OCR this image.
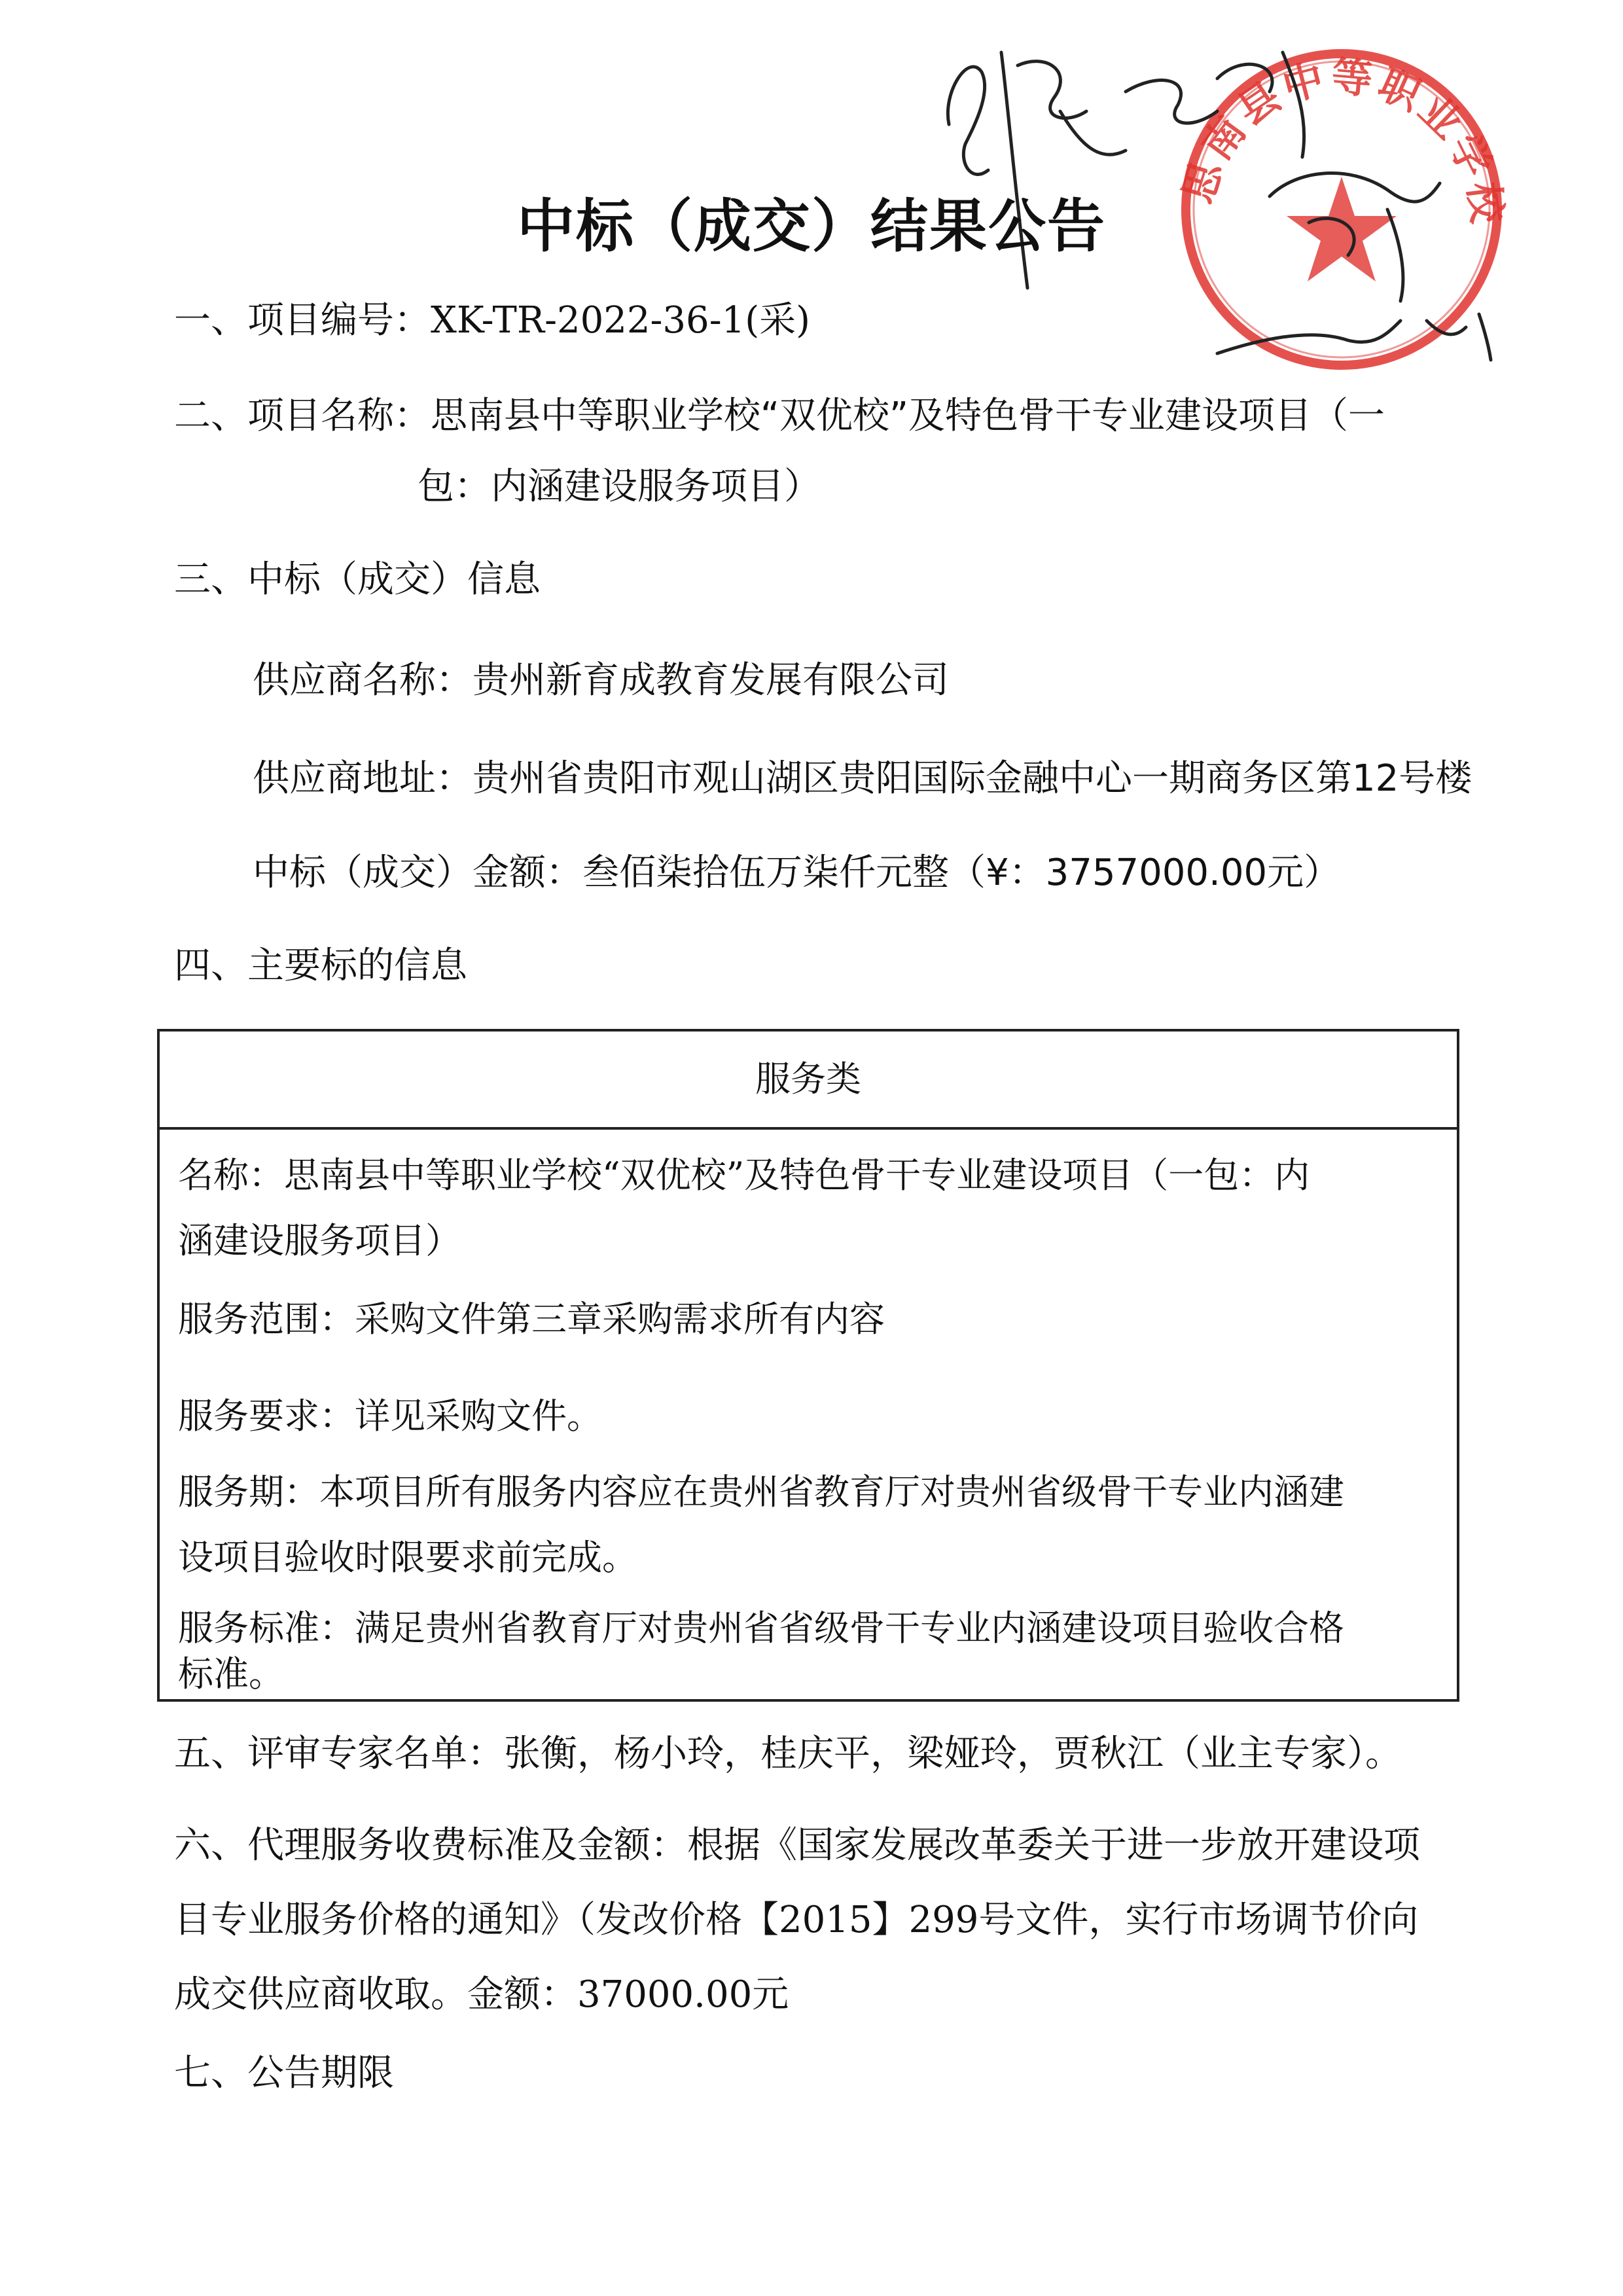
思南县中等职业学校
中标（成交）结果公告
一、项目编号：XK-TR-2022-36-1(采)
二、项目名称：思南县中等职业学校“双优校”及特色骨干专业建设项目（一
包：内涵建设服务项目）
三、中标（成交）信息
供应商名称：贵州新育成教育发展有限公司
供应商地址：贵州省贵阳市观山湖区贵阳国际金融中心一期商务区第12号楼
中标（成交）金额：叁佰柒拾伍万柒仟元整（¥：3757000.00元）
四、主要标的信息
服务类
名称：思南县中等职业学校“双优校”及特色骨干专业建设项目（一包：内
涵建设服务项目）
服务范围：采购文件第三章采购需求所有内容
服务要求：详见采购文件。
服务期：本项目所有服务内容应在贵州省教育厅对贵州省级骨干专业内涵建
设项目验收时限要求前完成。
服务标准：满足贵州省教育厅对贵州省省级骨干专业内涵建设项目验收合格
标准。
五、评审专家名单：张衡，杨小玲，桂庆平，梁娅玲，贾秋江（业主专家）。
六、代理服务收费标准及金额：根据《国家发展改革委关于进一步放开建设项
目专业服务价格的通知》（发改价格【2015】299号文件，实行市场调节价向
成交供应商收取。金额：37000.00元
七、公告期限
